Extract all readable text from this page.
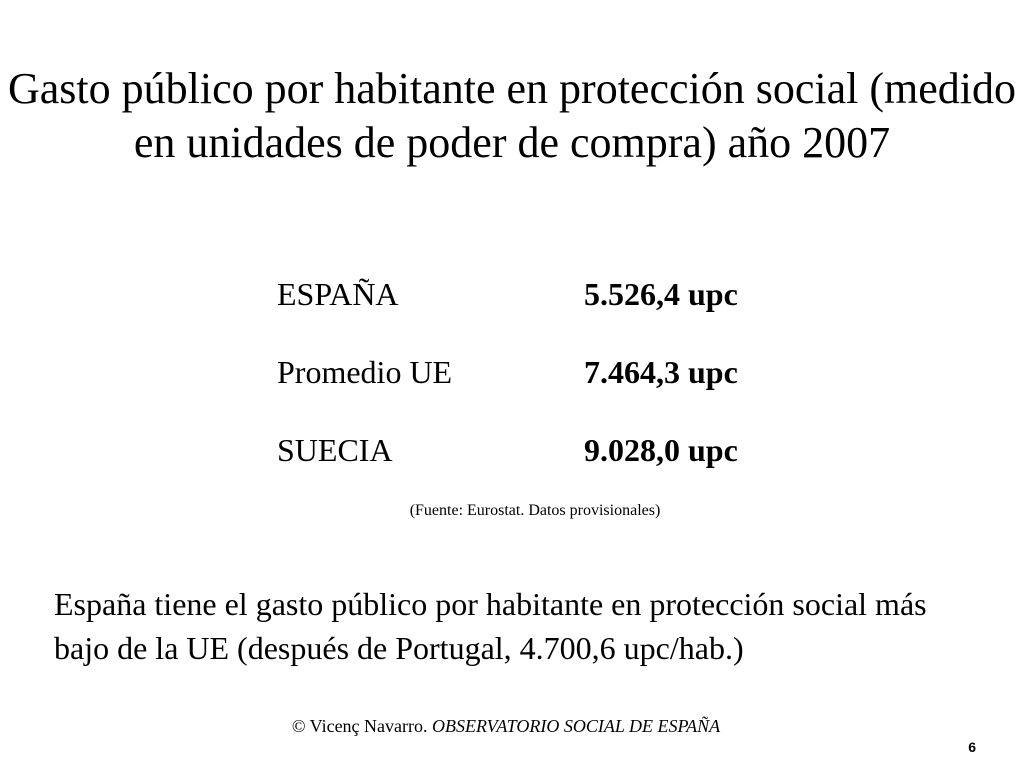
Gasto público por habitante en protección social (medido en unidades de poder de compra) año 2007
ESPAÑA	5.526,4 upc
Promedio UE	7.464,3 upc
SUECIA	9.028,0 upc
(Fuente: Eurostat. Datos provisionales)
España tiene el gasto público por habitante en protección social más bajo de la UE (después de Portugal, 4.700,6 upc/hab.)
© Vicenç Navarro. OBSERVATORIO SOCIAL DE ESPAÑA
6
